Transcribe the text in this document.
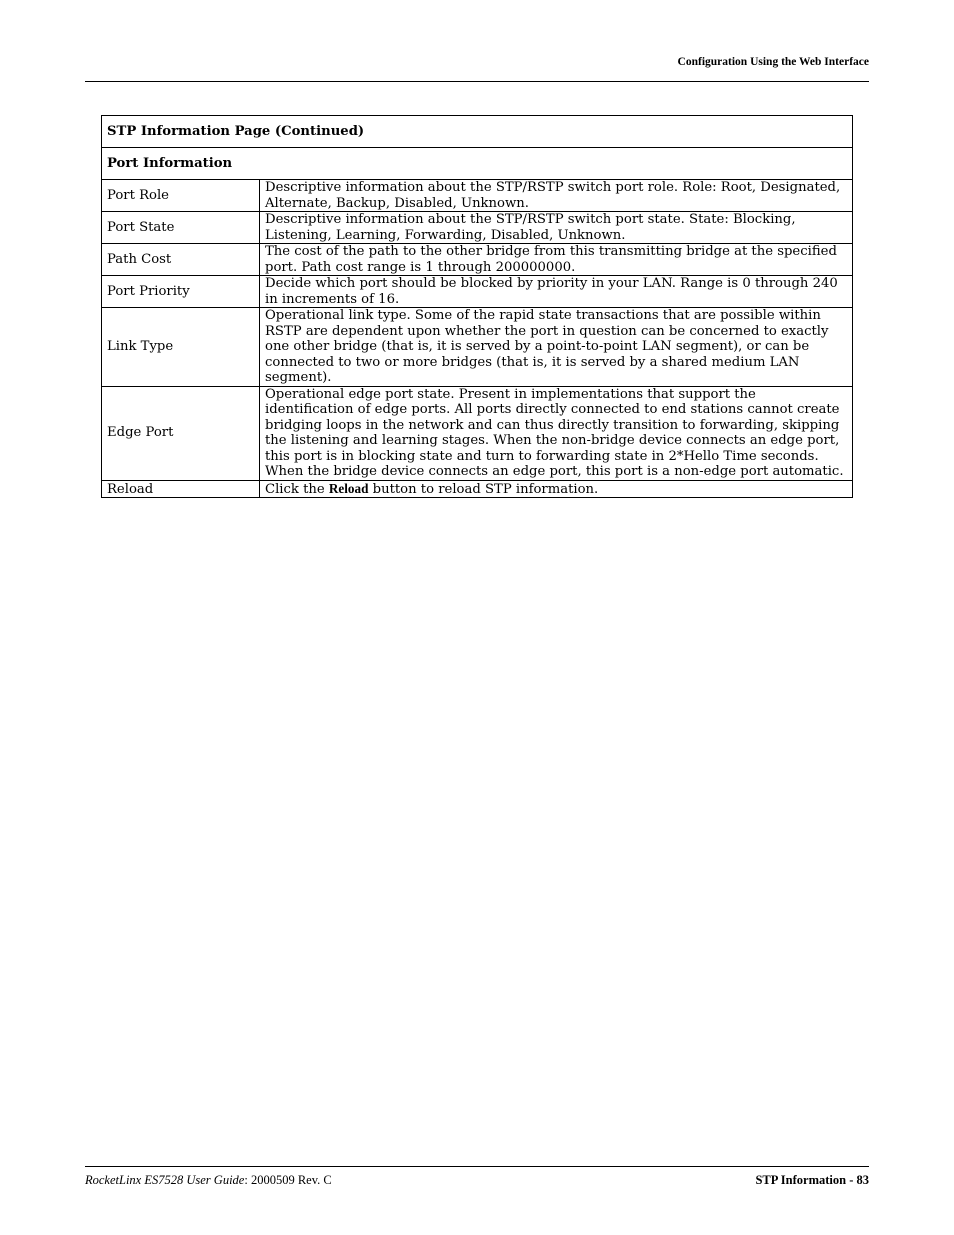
Configuration Using the Web Interface
STP Information Page (Continued)	
Port Information	
Port Role	Descriptive information about the STP/RSTP switch port role. Role: Root, Designated, Alternate, Backup, Disabled, Unknown.
Port State	Descriptive information about the STP/RSTP switch port state. State: Blocking, Listening, Learning, Forwarding, Disabled, Unknown.
Path Cost	The cost of the path to the other bridge from this transmitting bridge at the specified port. Path cost range is 1 through 200000000.
Port Priority	Decide which port should be blocked by priority in your LAN. Range is 0 through 240 in increments of 16.
Link Type	Operational link type. Some of the rapid state transactions that are possible within RSTP are dependent upon whether the port in question can be concerned to exactly one other bridge (that is, it is served by a point-to-point LAN segment), or can be connected to two or more bridges (that is, it is served by a shared medium LAN segment).
Edge Port	Operational edge port state. Present in implementations that support the identification of edge ports. All ports directly connected to end stations cannot create bridging loops in the network and can thus directly transition to forwarding, skipping the listening and learning stages. When the non-bridge device connects an edge port, this port is in blocking state and turn to forwarding state in 2*Hello Time seconds. When the bridge device connects an edge port, this port is a non-edge port automatic.
Reload	Click the Reload button to reload STP information.
RocketLinx ES7528 User Guide: 2000509 Rev. C	STP Information - 83
